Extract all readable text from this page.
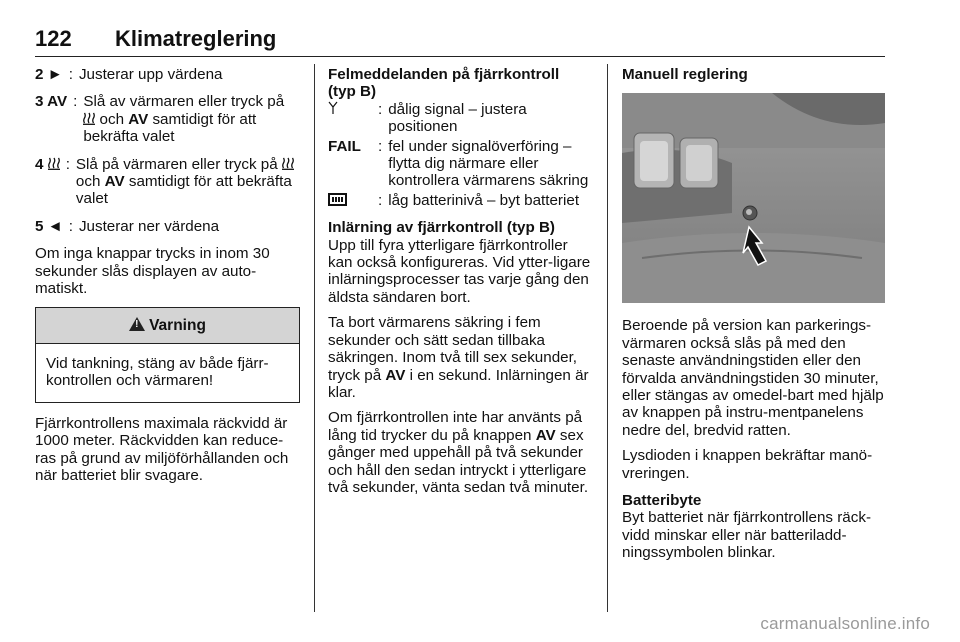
122 Klimatreglering
2 ► : Justerar upp värdena
3 AV : Slå av värmaren eller tryck på  och AV samtidigt för att bekräfta valet
4	: Slå på värmaren eller tryck på  och AV samtidigt för att bekräfta valet
5 ◄ : Justerar ner värdena

Om inga knappar trycks in inom 30 sekunder slås displayen av auto-matiskt.

!Varning
Vid tankning, stäng av både fjärr-kontrollen och värmaren!

Fjärrkontrollens maximala räckvidd är 1000 meter. Räckvidden kan reduce-ras på grund av miljöförhållanden och när batteriet blir svagare.

Felmeddelanden på fjärrkontroll (typ B)
: dålig signal – justera positionen
FAIL	: fel under signalöverföring – flytta dig närmare eller kontrollera värmarens säkring
: låg batterinivå – byt batteriet
Inlärning av fjärrkontroll (typ B)

Upp till fyra ytterligare fjärrkontroller kan också konfigureras. Vid ytter-ligare inlärningsprocesser tas varje gång den äldsta sändaren bort.

Ta bort värmarens säkring i fem sekunder och sätt sedan tillbaka säkringen. Inom två till sex sekunder, tryck på AV i en sekund. Inlärningen är klar.

Om fjärrkontrollen inte har använts på lång tid trycker du på knappen AV sex gånger med uppehåll på två sekunder och håll den sedan intryckt i ytterligare två sekunder, vänta sedan två minuter.

Manuell reglering

Beroende på version kan parkerings-värmaren också slås på med den senaste användningstiden eller den förvalda användningstiden 30 minuter, eller stängas av omedel-bart med hjälp av knappen på instru-mentpanelens nedre del, bredvid ratten.

Lysdioden i knappen bekräftar manö-vreringen.

Batteribyte

Byt batteriet när fjärrkontrollens räck-vidd minskar eller när batteriladd-ningssymbolen blinkar.

carmanualsonline.info
